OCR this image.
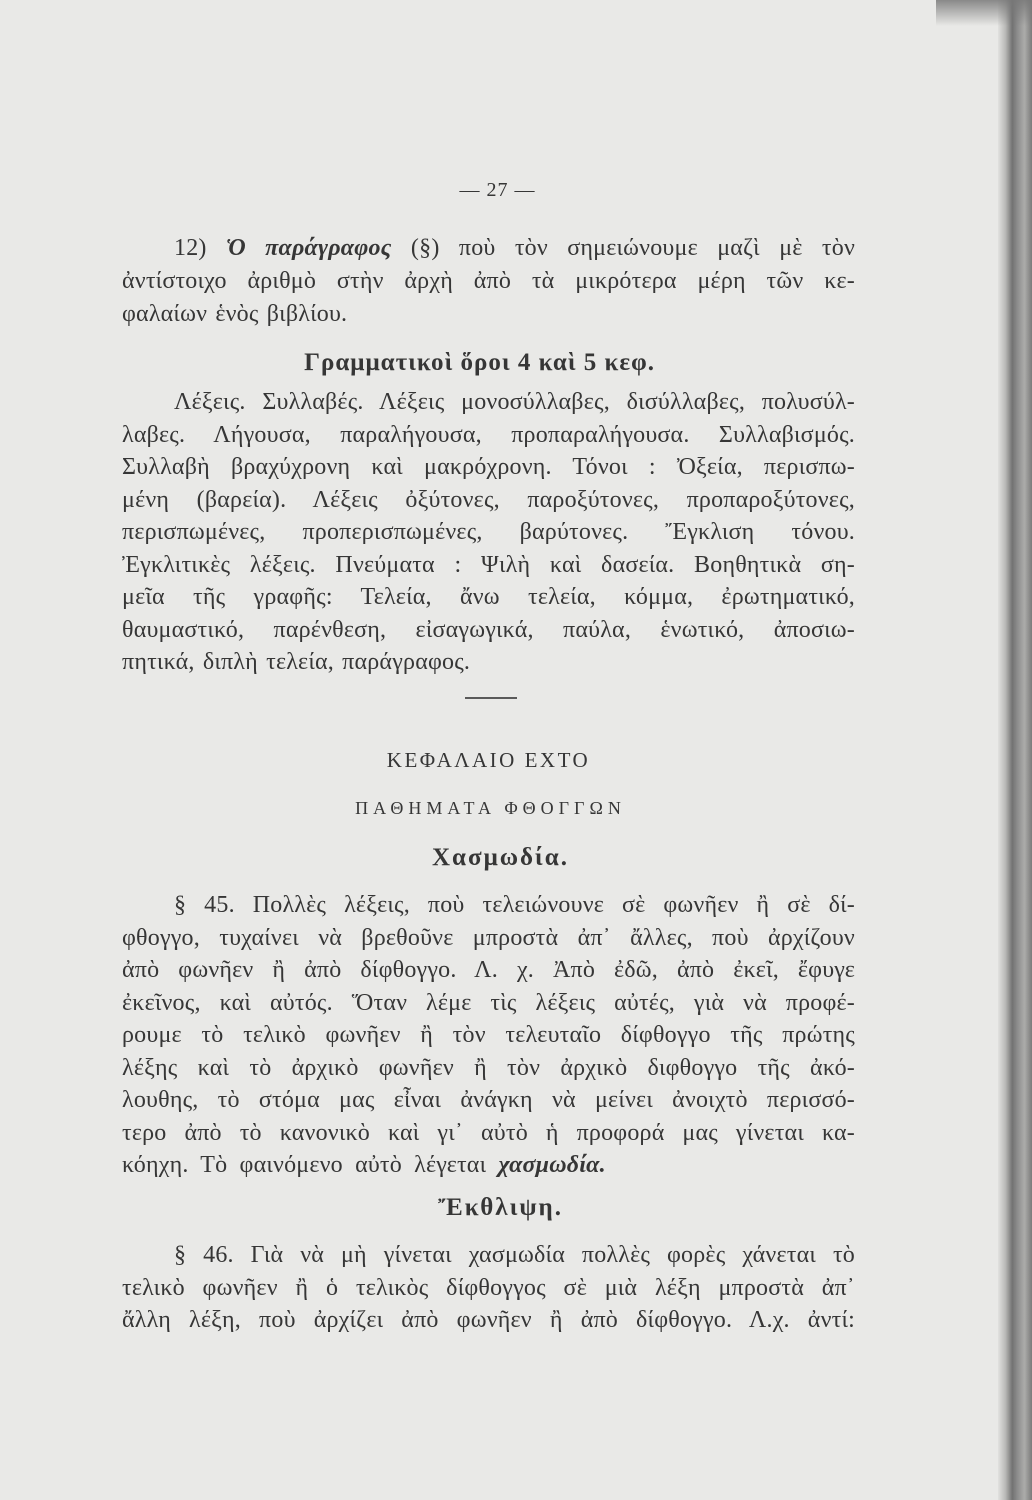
— 27 —
12) Ὁ παράγραφος (§) ποὺ τὸν σημειώνουμε μαζὶ μὲ τὸν
ἀντίστοιχο ἀριθμὸ στὴν ἀρχὴ ἀπὸ τὰ μικρότερα μέρη τῶν κε-
φαλαίων ἑνὸς βιβλίου.
Γραμματικοὶ ὅροι 4 καὶ 5 κεφ.
Λέξεις. Συλλαβές. Λέξεις μονοσύλλαβες, δισύλλαβες, πολυσύλ-
λαβες. Λήγουσα, παραλήγουσα, προπαραλήγουσα. Συλλαβισμός.
Συλλαβὴ βραχύχρονη καὶ μακρόχρονη. Τόνοι : Ὀξεία, περισπω-
μένη (βαρεία). Λέξεις ὀξύτονες, παροξύτονες, προπαροξύτονες,
περισπωμένες, προπερισπωμένες, βαρύτονες. Ἔγκλιση τόνου.
Ἐγκλιτικὲς λέξεις. Πνεύματα : Ψιλὴ καὶ δασεία. Βοηθητικὰ ση-
μεῖα τῆς γραφῆς: Τελεία, ἄνω τελεία, κόμμα, ἐρωτηματικό,
θαυμαστικό, παρένθεση, εἰσαγωγικά, παύλα, ἑνωτικό, ἀποσιω-
πητικά, διπλὴ τελεία, παράγραφος.
ΚΕΦΑΛΑΙΟ ΕΧΤΟ
ΠΑΘΗΜΑΤΑ ΦΘΟΓΓΩΝ
Χασμωδία.
§ 45. Πολλὲς λέξεις, ποὺ τελειώνουνε σὲ φωνῆεν ἢ σὲ δί-
φθογγο, τυχαίνει νὰ βρεθοῦνε μπροστὰ ἀπ᾽ ἄλλες, ποὺ ἀρχίζουν
ἀπὸ φωνῆεν ἢ ἀπὸ δίφθογγο. Λ. χ. Ἀπὸ ἐδῶ, ἀπὸ ἐκεῖ, ἔφυγε
ἐκεῖνος, καὶ αὐτός. Ὅταν λέμε τὶς λέξεις αὐτές, γιὰ νὰ προφέ-
ρουμε τὸ τελικὸ φωνῆεν ἢ τὸν τελευταῖο δίφθογγο τῆς πρώτης
λέξης καὶ τὸ ἀρχικὸ φωνῆεν ἢ τὸν ἀρχικὸ διφθογγο τῆς ἀκό-
λουθης, τὸ στόμα μας εἶναι ἀνάγκη νὰ μείνει ἀνοιχτὸ περισσό-
τερο ἀπὸ τὸ κανονικὸ καὶ γι᾽ αὐτὸ ἡ προφορά μας γίνεται κα-
κόηχη. Τὸ φαινόμενο αὐτὸ λέγεται χασμωδία.
Ἔκθλιψη.
§ 46. Γιὰ νὰ μὴ γίνεται χασμωδία πολλὲς φορὲς χάνεται τὸ
τελικὸ φωνῆεν ἢ ὁ τελικὸς δίφθογγος σὲ μιὰ λέξη μπροστὰ ἀπ᾽
ἄλλη λέξη, ποὺ ἀρχίζει ἀπὸ φωνῆεν ἢ ἀπὸ δίφθογγο. Λ.χ. ἀντί:
